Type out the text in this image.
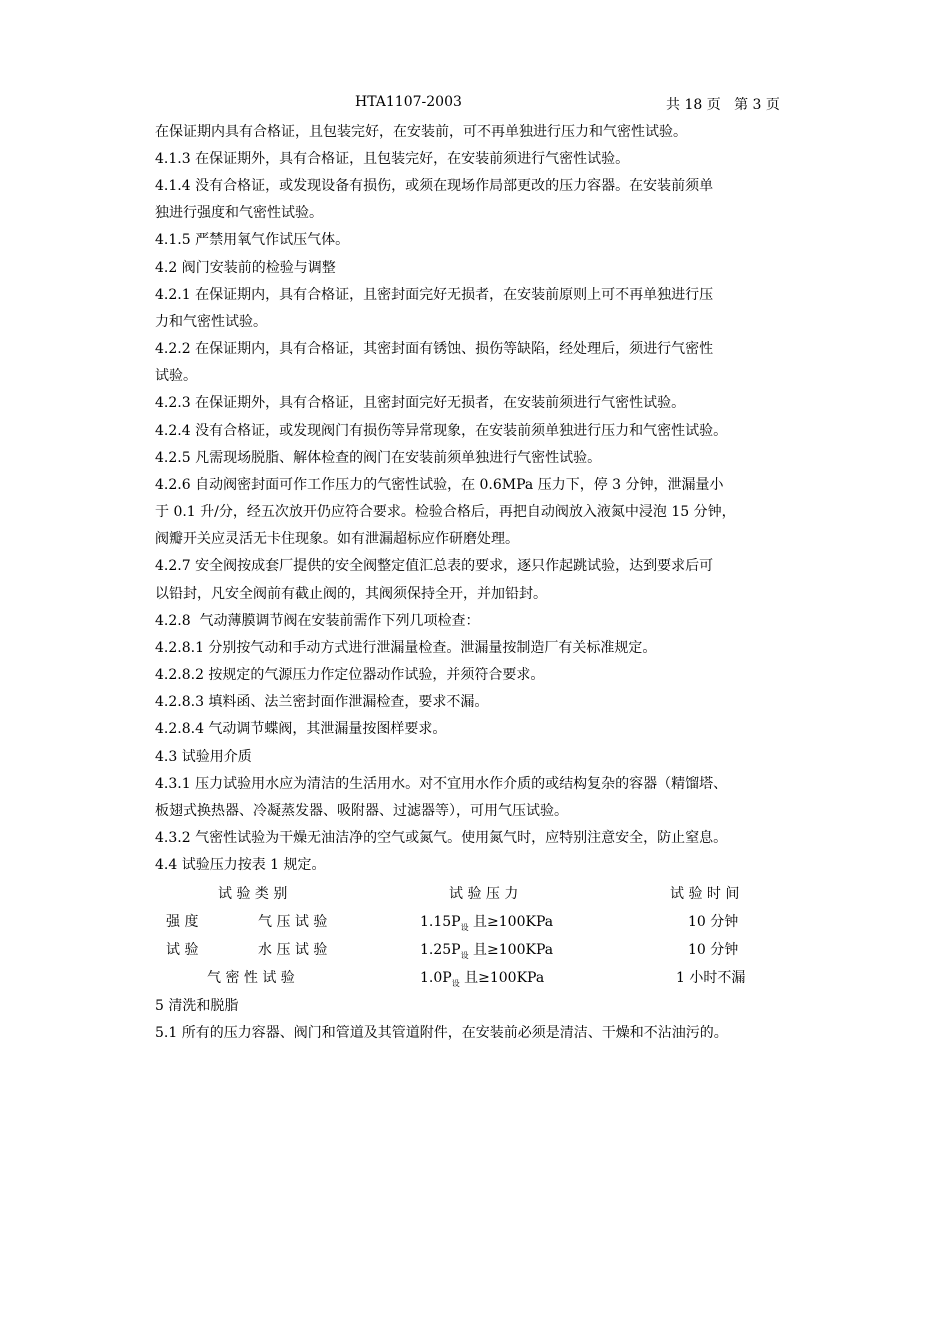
HTA1107-2003	共 18 页   第 3 页
在保证期内具有合格证，且包装完好，在安装前，可不再单独进行压力和气密性试验。
4.1.3 在保证期外，具有合格证，且包装完好，在安装前须进行气密性试验。
4.1.4 没有合格证，或发现设备有损伤，或须在现场作局部更改的压力容器。在安装前须单
独进行强度和气密性试验。
4.1.5 严禁用氧气作试压气体。
4.2 阀门安装前的检验与调整
4.2.1 在保证期内，具有合格证，且密封面完好无损者，在安装前原则上可不再单独进行压
力和气密性试验。
4.2.2 在保证期内，具有合格证，其密封面有锈蚀、损伤等缺陷，经处理后，须进行气密性
试验。
4.2.3 在保证期外，具有合格证，且密封面完好无损者，在安装前须进行气密性试验。
4.2.4 没有合格证，或发现阀门有损伤等异常现象，在安装前须单独进行压力和气密性试验。
4.2.5 凡需现场脱脂、解体检查的阀门在安装前须单独进行气密性试验。
4.2.6 自动阀密封面可作工作压力的气密性试验，在 0.6MPa 压力下，停 3 分钟，泄漏量小
于 0.1 升/分，经五次放开仍应符合要求。检验合格后，再把自动阀放入液氮中浸泡 15 分钟，
阀瓣开关应灵活无卡住现象。如有泄漏超标应作研磨处理。
4.2.7 安全阀按成套厂提供的安全阀整定值汇总表的要求，逐只作起跳试验，达到要求后可
以铅封，凡安全阀前有截止阀的，其阀须保持全开，并加铅封。
4.2.8  气动薄膜调节阀在安装前需作下列几项检查：
4.2.8.1 分别按气动和手动方式进行泄漏量检查。泄漏量按制造厂有关标准规定。
4.2.8.2 按规定的气源压力作定位器动作试验，并须符合要求。
4.2.8.3 填料函、法兰密封面作泄漏检查，要求不漏。
4.2.8.4 气动调节蝶阀，其泄漏量按图样要求。
4.3 试验用介质
4.3.1 压力试验用水应为清洁的生活用水。对不宜用水作介质的或结构复杂的容器（精馏塔、
板翅式换热器、冷凝蒸发器、吸附器、过滤器等），可用气压试验。
4.3.2 气密性试验为干燥无油洁净的空气或氮气。使用氮气时，应特别注意安全，防止窒息。
4.4 试验压力按表 1 规定。
试 验 类 别	试 验 压 力	试 验 时 间
强 度
试 验
气 压 试 验	$1.15P_设$ 且≥100KPa	10 分钟
水 压 试 验	$1.25P_设$ 且≥100KPa	10 分钟
气 密 性 试 验	$1.0P_设$ 且≥100KPa	1 小时不漏
5 清洗和脱脂
5.1 所有的压力容器、阀门和管道及其管道附件，在安装前必须是清洁、干燥和不沾油污的。
